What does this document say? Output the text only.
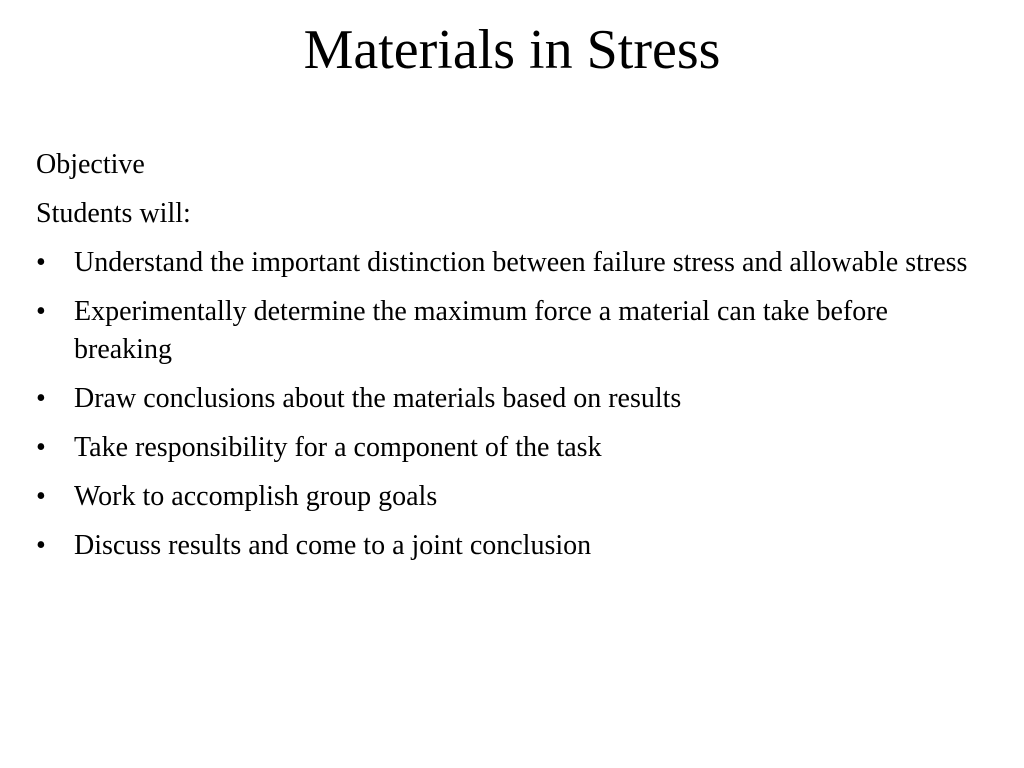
Materials in Stress
Objective
Students will:
•	Understand the important distinction between failure stress and allowable stress
•	Experimentally determine the maximum force a material can take before breaking
•	Draw conclusions about the materials based on results
•	Take responsibility for a component of the task
•	Work to accomplish group goals
•	Discuss results and come to a joint conclusion
